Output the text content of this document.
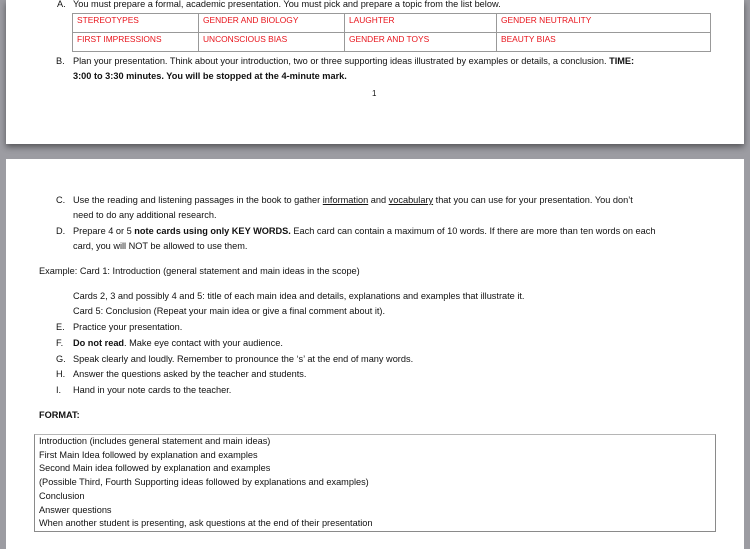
A. You must prepare a formal, academic presentation. You must pick and prepare a topic from the list below.
STEREOTYPES	GENDER AND BIOLOGY	LAUGHTER	GENDER NEUTRALITY
FIRST IMPRESSIONS	UNCONSCIOUS BIAS	GENDER AND TOYS	BEAUTY BIAS
B. Plan your presentation. Think about your introduction, two or three supporting ideas illustrated by examples or details, a conclusion. TIME:
3:00 to 3:30 minutes. You will be stopped at the 4-minute mark.
1
C. Use the reading and listening passages in the book to gather information and vocabulary that you can use for your presentation. You don’t
need to do any additional research.
D. Prepare 4 or 5 note cards using only KEY WORDS. Each card can contain a maximum of 10 words. If there are more than ten words on each
card, you will NOT be allowed to use them.
Example: Card 1: Introduction (general statement and main ideas in the scope)
Cards 2, 3 and possibly 4 and 5: title of each main idea and details, explanations and examples that illustrate it.
Card 5: Conclusion (Repeat your main idea or give a final comment about it).
E. Practice your presentation.
F. Do not read. Make eye contact with your audience.
G. Speak clearly and loudly. Remember to pronounce the ‘s’ at the end of many words.
H. Answer the questions asked by the teacher and students.
I. Hand in your note cards to the teacher.
FORMAT:
Introduction (includes general statement and main ideas)
First Main Idea followed by explanation and examples
Second Main idea followed by explanation and examples
(Possible Third, Fourth Supporting ideas followed by explanations and examples)
Conclusion
Answer questions
When another student is presenting, ask questions at the end of their presentation
